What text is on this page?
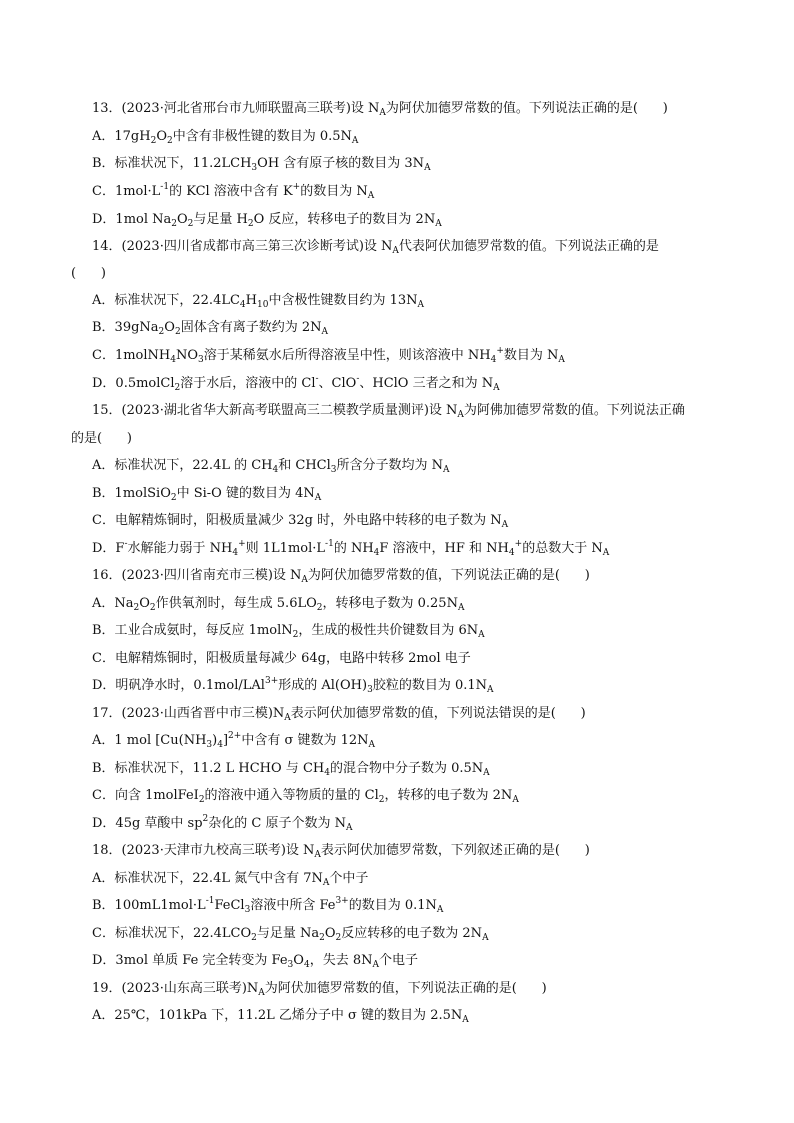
13．(2023·河北省邢台市九师联盟高三联考)设 $N_A$为阿伏加德罗常数的值。下列说法正确的是(      )
A．$17gH_2O_2$中含有非极性键的数目为 $0.5N_A$
B．标准状况下，$11.2LCH_3OH$ 含有原子核的数目为 $3N_A$
C．$1mol\cdot L^{-1}$的 KCl 溶液中含有 K+的数目为 $N_A$
D．1mol $Na_2O_2$与足量 $H_2O$ 反应，转移电子的数目为 $2N_A$
14．(2023·四川省成都市高三第三次诊断考试)设 $N_A$代表阿伏加德罗常数的值。下列说法正确的是
(      )
A．标准状况下，$22.4LC_4H_{10}$中含极性键数目约为 $13N_A$
B．$39gNa_2O_2$固体含有离子数约为 $2N_A$
C．$1molNH_4NO_3$溶于某稀氨水后所得溶液呈中性，则该溶液中 $NH_4^+$数目为 $N_A$
D．0.5molCl$_2$溶于水后，溶液中的 Cl-、ClO-、HClO 三者之和为 $N_A$
15．(2023·湖北省华大新高考联盟高三二模教学质量测评)设 $N_A$为阿佛加德罗常数的值。下列说法正确
的是(      )
A．标准状况下，22.4L 的 $CH_4$和 CHCl$_3$所含分子数均为 $N_A$
B．1molSiO$_2$中 Si-O 键的数目为 $4N_A$
C．电解精炼铜时，阳极质量减少 32g 时，外电路中转移的电子数为 $N_A$
D．F-水解能力弱于 $NH_4^+$则 $1L1mol\cdot L^{-1}$的 $NH_4F$ 溶液中，HF 和 $NH_4^+$的总数大于 $N_A$
16．(2023·四川省南充市三模)设 $N_A$为阿伏加德罗常数的值，下列说法正确的是(      )
A．$Na_2O_2$作供氧剂时，每生成 $5.6LO_2$，转移电子数为 $0.25N_A$
B．工业合成氨时，每反应 1molN$_2$，生成的极性共价键数目为 $6N_A$
C．电解精炼铜时，阳极质量每减少 64g，电路中转移 2mol 电子
D．明矾净水时，0.1mol/LAl$^{3+}$形成的 $Al(OH)_3$胶粒的数目为 $0.1N_A$
17．(2023·山西省晋中市三模)$N_A$表示阿伏加德罗常数的值，下列说法错误的是(      )
A．1 mol $[Cu(NH_3)_4]^{2+}$中含有 σ 键数为 $12N_A$
B．标准状况下，11.2 L HCHO 与 $CH_4$的混合物中分子数为 $0.5N_A$
C．向含 1molFeI$_2$的溶液中通入等物质的量的 $Cl_2$，转移的电子数为 $2N_A$
D．45g 草酸中 $sp^2$杂化的 C 原子个数为 $N_A$
18．(2023·天津市九校高三联考)设 $N_A$表示阿伏加德罗常数，下列叙述正确的是(      )
A．标准状况下，22.4L 氮气中含有 $7N_A$个中子
B．$100mL1mol\cdot L^{-1}FeCl_3$溶液中所含 $Fe^{3+}$的数目为 $0.1N_A$
C．标准状况下，$22.4LCO_2$与足量 $Na_2O_2$反应转移的电子数为 $2N_A$
D．3mol 单质 Fe 完全转变为 $Fe_3O_4$，失去 $8N_A$个电子
19．(2023·山东高三联考)$N_A$为阿伏加德罗常数的值，下列说法正确的是(      )
A．25℃，101kPa 下，11.2L 乙烯分子中 σ 键的数目为 $2.5N_A$
